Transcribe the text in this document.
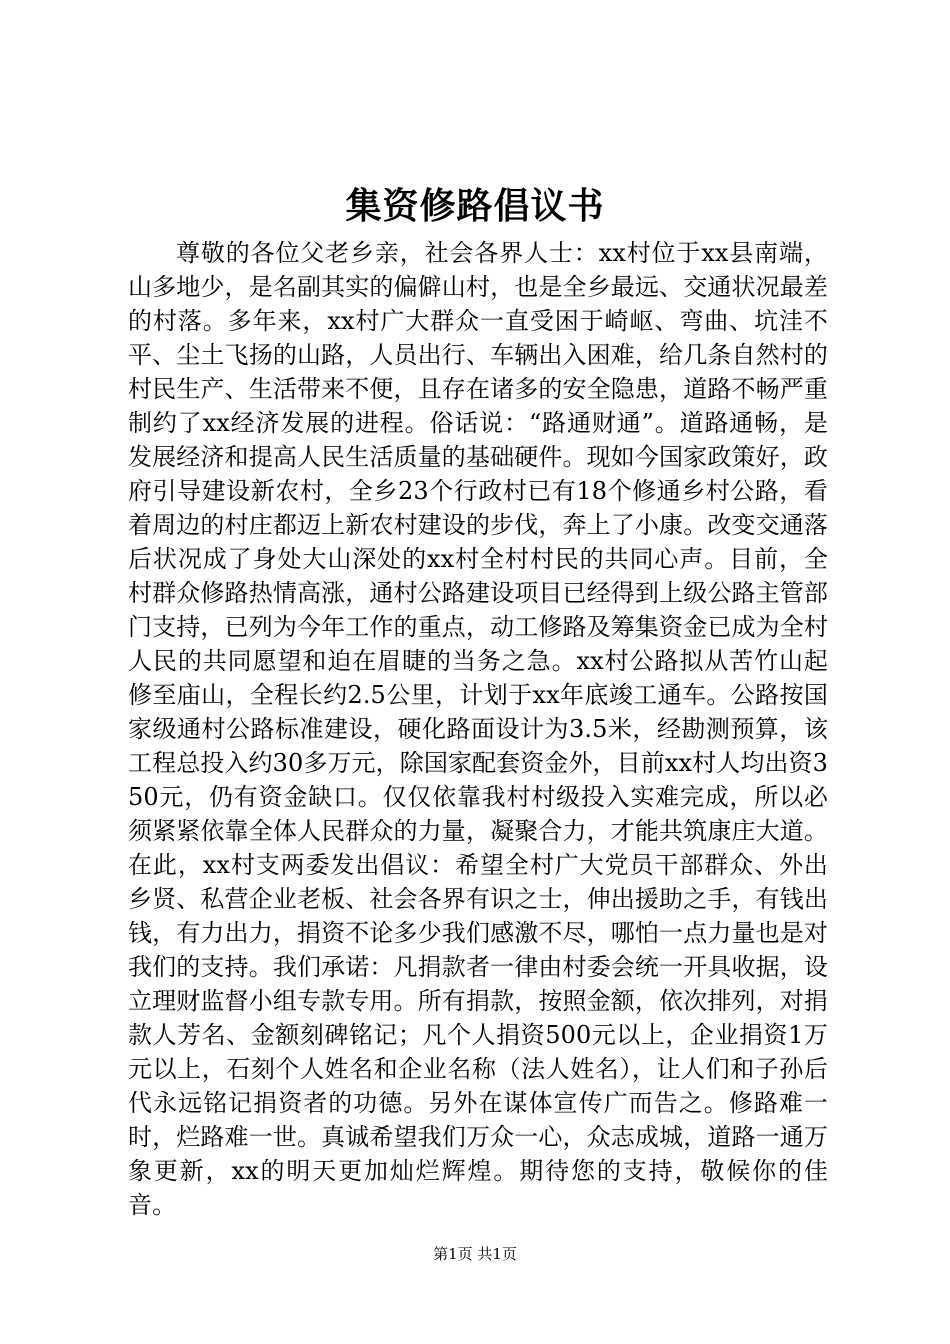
集资修路倡议书

尊敬的各位父老乡亲，社会各界人士：xx村位于xx县南端，山多地少，是名副其实的偏僻山村，也是全乡最远、交通状况最差的村落。多年来，xx村广大群众一直受困于崎岖、弯曲、坑洼不平、尘土飞扬的山路，人员出行、车辆出入困难，给几条自然村的村民生产、生活带来不便，且存在诸多的安全隐患，道路不畅严重制约了xx经济发展的进程。俗话说：“路通财通”。道路通畅，是发展经济和提高人民生活质量的基础硬件。现如今国家政策好，政府引导建设新农村，全乡23个行政村已有18个修通乡村公路，看着周边的村庄都迈上新农村建设的步伐，奔上了小康。改变交通落后状况成了身处大山深处的xx村全村村民的共同心声。目前，全村群众修路热情高涨，通村公路建设项目已经得到上级公路主管部门支持，已列为今年工作的重点，动工修路及筹集资金已成为全村人民的共同愿望和迫在眉睫的当务之急。xx村公路拟从苦竹山起修至庙山，全程长约2.5公里，计划于xx年底竣工通车。公路按国家级通村公路标准建设，硬化路面设计为3.5米，经勘测预算，该工程总投入约30多万元，除国家配套资金外，目前xx村人均出资350元，仍有资金缺口。仅仅依靠我村村级投入实难完成，所以必须紧紧依靠全体人民群众的力量，凝聚合力，才能共筑康庄大道。在此，xx村支两委发出倡议：希望全村广大党员干部群众、外出乡贤、私营企业老板、社会各界有识之士，伸出援助之手，有钱出钱，有力出力，捐资不论多少我们感激不尽，哪怕一点力量也是对我们的支持。我们承诺：凡捐款者一律由村委会统一开具收据，设立理财监督小组专款专用。所有捐款，按照金额，依次排列，对捐款人芳名、金额刻碑铭记；凡个人捐资500元以上，企业捐资1万元以上，石刻个人姓名和企业名称（法人姓名），让人们和子孙后代永远铭记捐资者的功德。另外在谋体宣传广而告之。修路难一时，烂路难一世。真诚希望我们万众一心，众志成城，道路一通万象更新，xx的明天更加灿烂辉煌。期待您的支持，敬候你的佳音。

第1页 共1页
